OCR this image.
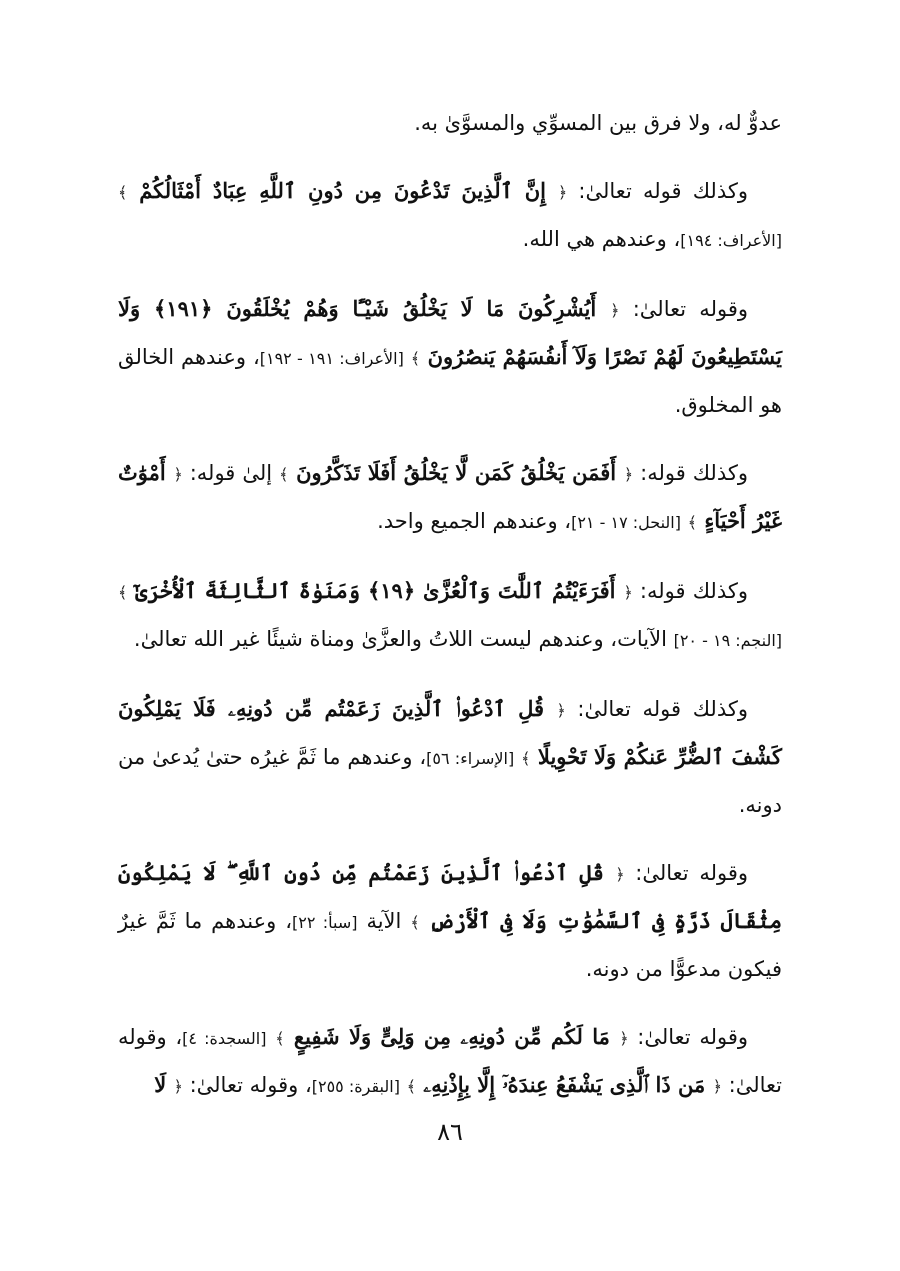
عدوٌّ له، ولا فرق بين المسوِّي والمسوَّىٰ به.

وكذلك قوله تعالىٰ: ﴿ إِنَّ ٱلَّذِينَ تَدْعُونَ مِن دُونِ ٱللَّهِ عِبَادٌ أَمْثَالُكُمْ ﴾ [الأعراف: ١٩٤]، وعندهم هي الله.

وقوله تعالىٰ: ﴿ أَيُشْرِكُونَ مَا لَا يَخْلُقُ شَيْـًٔا وَهُمْ يُخْلَقُونَ ﴿١٩١﴾ وَلَا يَسْتَطِيعُونَ لَهُمْ نَصْرًا وَلَآ أَنفُسَهُمْ يَنصُرُونَ ﴾ [الأعراف: ١٩١ - ١٩٢]، وعندهم الخالق هو المخلوق.

وكذلك قوله: ﴿ أَفَمَن يَخْلُقُ كَمَن لَّا يَخْلُقُ أَفَلَا تَذَكَّرُونَ ﴾ إلىٰ قوله: ﴿ أَمْوَٰتٌ غَيْرُ أَحْيَآءٍ ﴾ [النحل: ١٧ - ٢١]، وعندهم الجميع واحد.

وكذلك قوله: ﴿ أَفَرَءَيْتُمُ ٱللَّٰتَ وَٱلْعُزَّىٰ ﴿١٩﴾ وَمَنَوٰةَ ٱلثَّالِثَةَ ٱلْأُخْرَىٰٓ ﴾ [النجم: ١٩ - ٢٠] الآيات، وعندهم ليست اللاتُ والعزَّىٰ ومناة شيئًا غير الله تعالىٰ.

وكذلك قوله تعالىٰ: ﴿ قُلِ ٱدْعُوا۟ ٱلَّذِينَ زَعَمْتُم مِّن دُونِهِۦ فَلَا يَمْلِكُونَ كَشْفَ ٱلضُّرِّ عَنكُمْ وَلَا تَحْوِيلًا ﴾ [الإسراء: ٥٦]، وعندهم ما ثَمَّ غيرُه حتىٰ يُدعىٰ من دونه.

وقوله تعالىٰ: ﴿ قُلِ ٱدْعُوا۟ ٱلَّذِينَ زَعَمْتُم مِّن دُونِ ٱللَّهِ ۖ لَا يَمْلِكُونَ مِثْقَالَ ذَرَّةٍ فِى ٱلسَّمَٰوَٰتِ وَلَا فِى ٱلْأَرْضِ ﴾ الآية [سبأ: ٢٢]، وعندهم ما ثَمَّ غيرٌ فيكون مدعوًّا من دونه.

وقوله تعالىٰ: ﴿ مَا لَكُم مِّن دُونِهِۦ مِن وَلِىٍّ وَلَا شَفِيعٍ ﴾ [السجدة: ٤]، وقوله تعالىٰ: ﴿ مَن ذَا ٱلَّذِى يَشْفَعُ عِندَهُۥٓ إِلَّا بِإِذْنِهِۦ ﴾ [البقرة: ٢٥٥]، وقوله تعالىٰ: ﴿ لَا

٨٦
